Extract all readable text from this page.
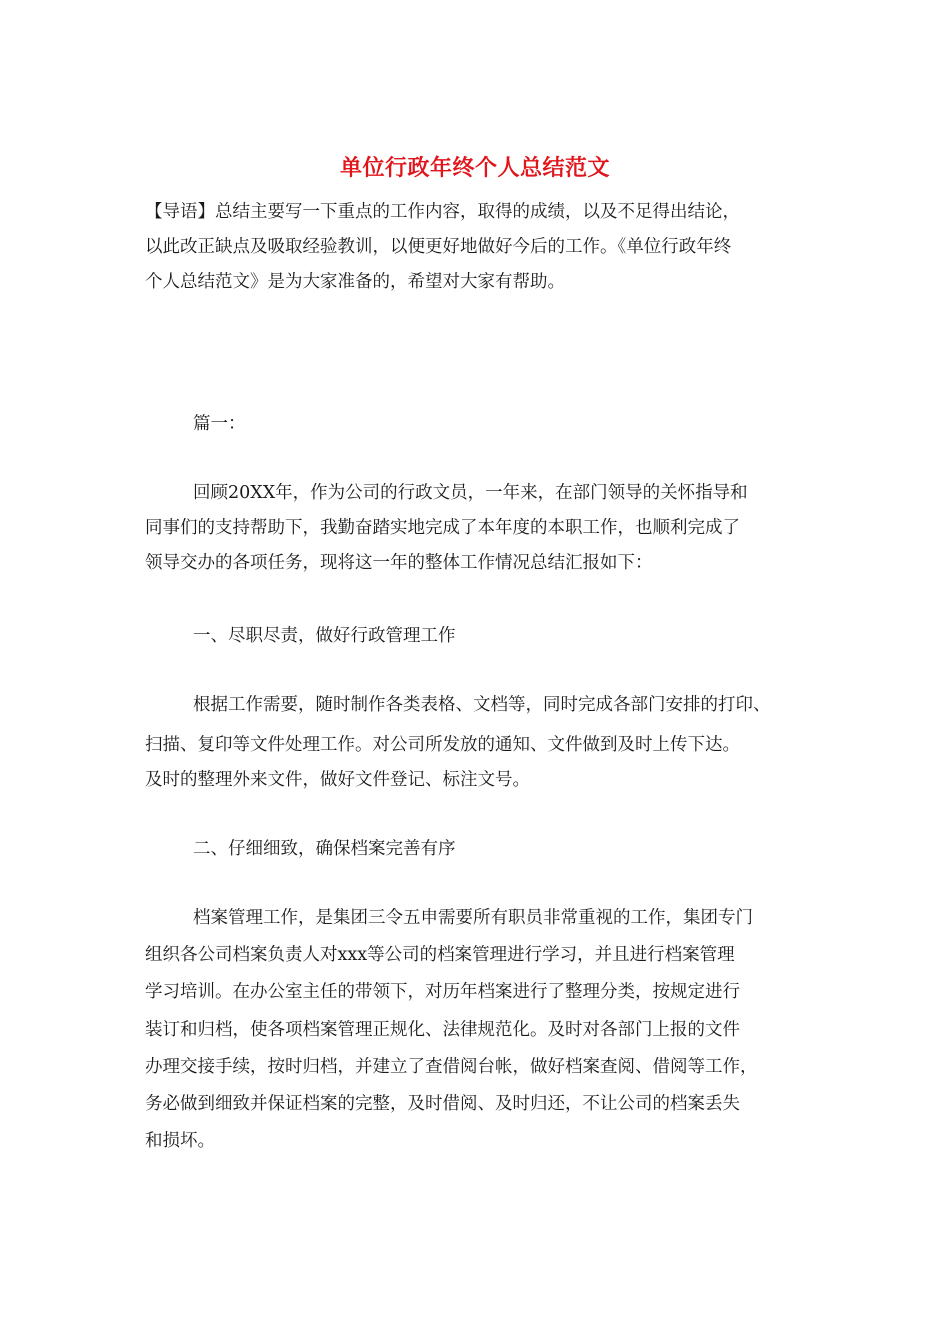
单位行政年终个人总结范文
【导语】总结主要写一下重点的工作内容，取得的成绩，以及不足得出结论，
以此改正缺点及吸取经验教训，以便更好地做好今后的工作。《单位行政年终
个人总结范文》是为大家准备的，希望对大家有帮助。
篇一：
回顾20XX年，作为公司的行政文员，一年来，在部门领导的关怀指导和
同事们的支持帮助下，我勤奋踏实地完成了本年度的本职工作，也顺利完成了
领导交办的各项任务，现将这一年的整体工作情况总结汇报如下：
一、尽职尽责，做好行政管理工作
根据工作需要，随时制作各类表格、文档等，同时完成各部门安排的打印、
扫描、复印等文件处理工作。对公司所发放的通知、文件做到及时上传下达。
及时的整理外来文件，做好文件登记、标注文号。
二、仔细细致，确保档案完善有序
档案管理工作，是集团三令五申需要所有职员非常重视的工作，集团专门
组织各公司档案负责人对xxx等公司的档案管理进行学习，并且进行档案管理
学习培训。在办公室主任的带领下，对历年档案进行了整理分类，按规定进行
装订和归档，使各项档案管理正规化、法律规范化。及时对各部门上报的文件
办理交接手续，按时归档，并建立了查借阅台帐，做好档案查阅、借阅等工作，
务必做到细致并保证档案的完整，及时借阅、及时归还，不让公司的档案丢失
和损坏。
